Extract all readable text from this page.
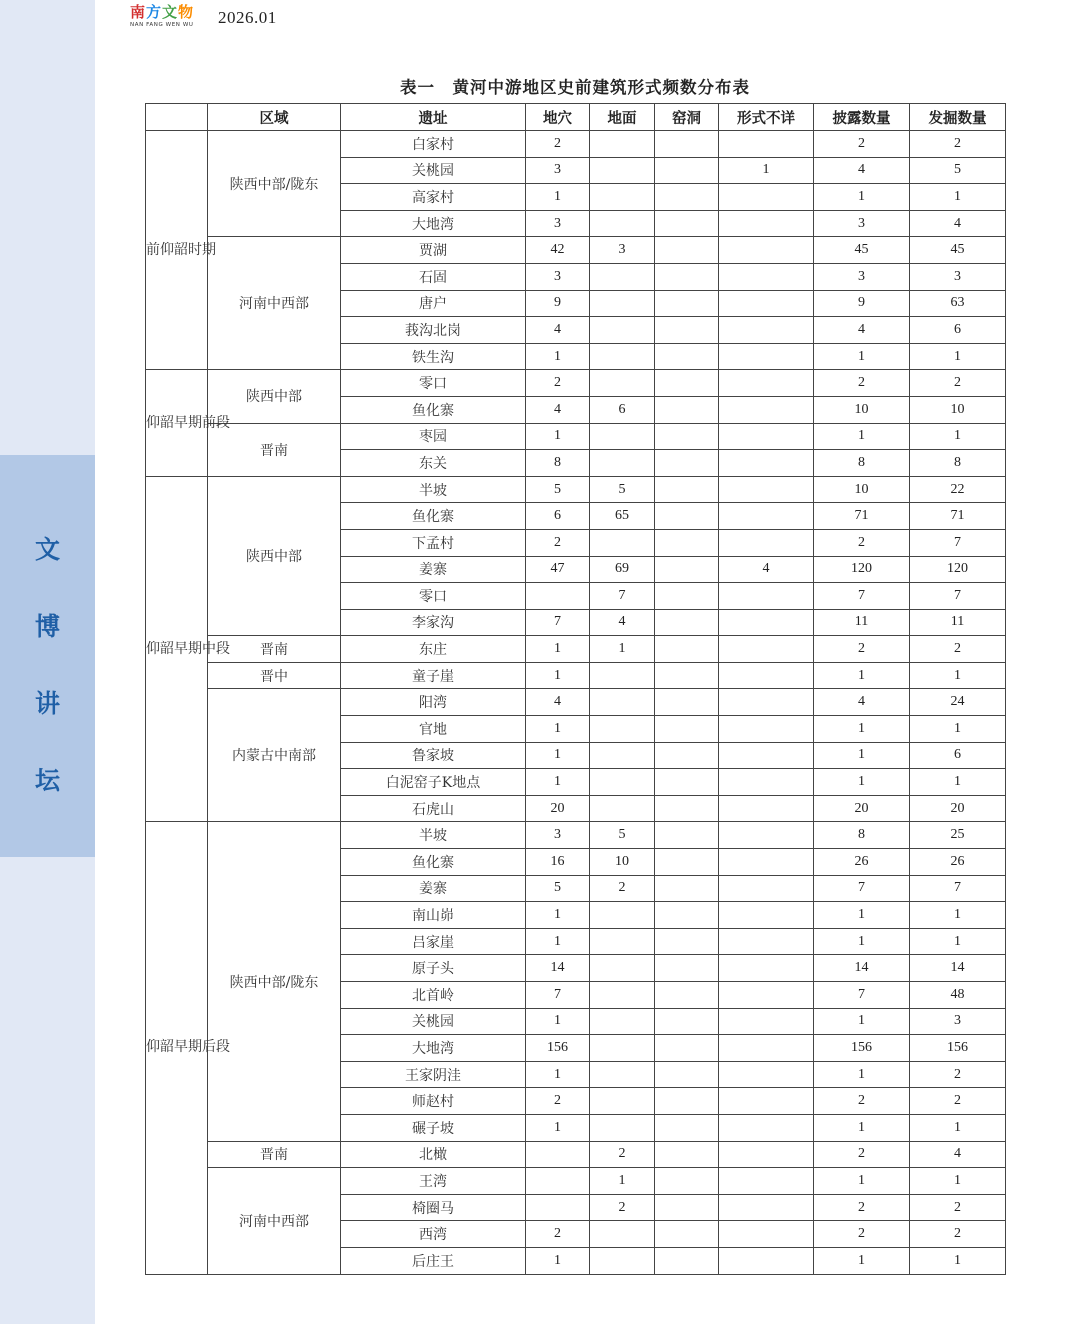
文
博
讲
坛
南 方 文 物
NAN FANG WEN WU	2026.01
表一　黄河中游地区史前建筑形式频数分布表
	区域	遗址	地穴	地面	窑洞	形式不详	披露数量	发掘数量
前仰韶时期	陕西中部/陇东	白家村	2				2	2
		关桃园	3			1	4	5
		高家村	1				1	1
		大地湾	3				3	4
	河南中西部	贾湖	42	3			45	45
		石固	3				3	3
		唐户	9				9	63
		莪沟北岗	4				4	6
		铁生沟	1				1	1
仰韶早期前段	陕西中部	零口	2				2	2
		鱼化寨	4	6			10	10
	晋南	枣园	1				1	1
		东关	8				8	8
仰韶早期中段	陕西中部	半坡	5	5			10	22
		鱼化寨	6	65			71	71
		下孟村	2				2	7
		姜寨	47	69		4	120	120
		零口		7			7	7
		李家沟	7	4			11	11
	晋南	东庄	1	1			2	2
	晋中	童子崖	1				1	1
	内蒙古中南部	阳湾	4				4	24
		官地	1				1	1
		鲁家坡	1				1	6
		白泥窑子K地点	1				1	1
		石虎山	20				20	20
仰韶早期后段	陕西中部/陇东	半坡	3	5			8	25
		鱼化寨	16	10			26	26
		姜寨	5	2			7	7
		南山峁	1				1	1
		吕家崖	1				1	1
		原子头	14				14	14
		北首岭	7				7	48
		关桃园	1				1	3
		大地湾	156				156	156
		王家阴洼	1				1	2
		师赵村	2				2	2
		碾子坡	1				1	1
	晋南	北橄		2			2	4
	河南中西部	王湾		1			1	1
		椅圈马		2			2	2
		西湾	2				2	2
		后庄王	1				1	1
